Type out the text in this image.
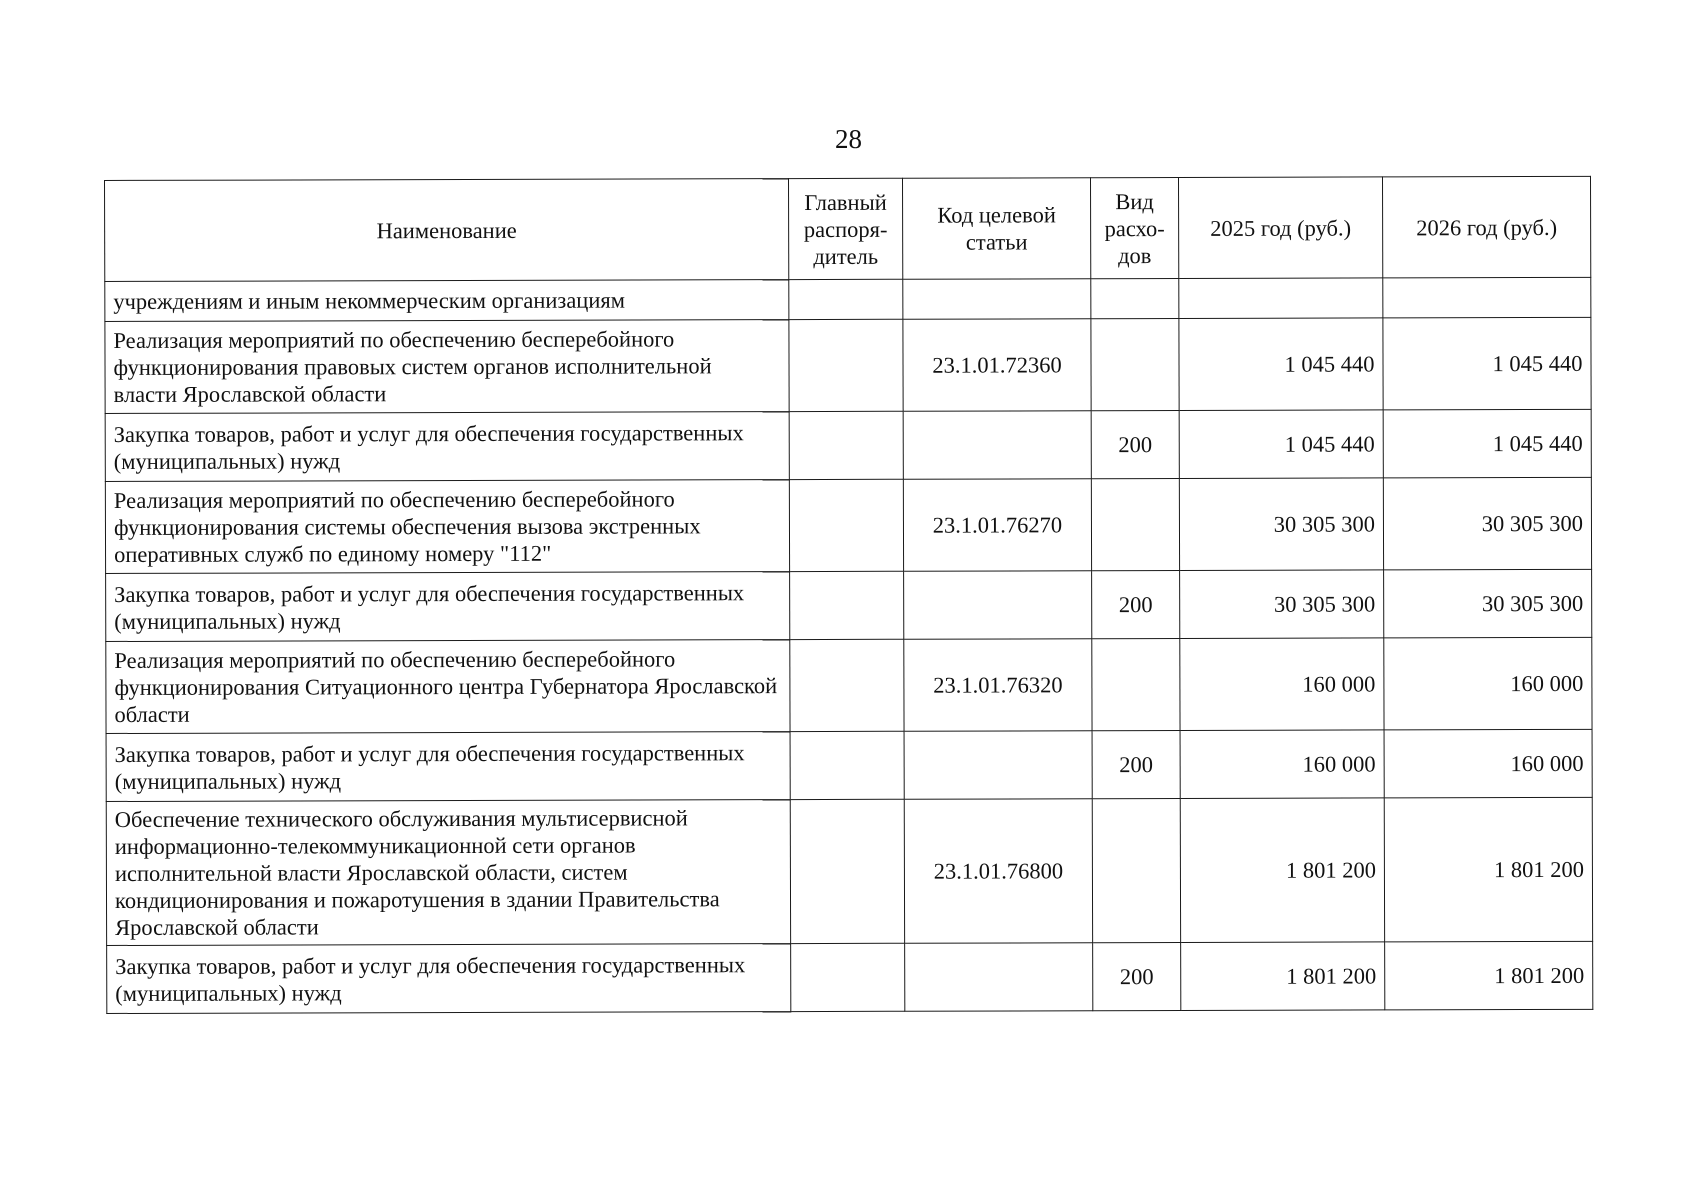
28
Наименование	Главный распоря-дитель	Код целевой статьи	Вид расхо-дов	2025 год (руб.)	2026 год (руб.)
учреждениям и иным некоммерческим организациям					
Реализация мероприятий по обеспечению бесперебойного функционирования правовых систем органов исполнительной власти Ярославской области		23.1.01.72360		1 045 440	1 045 440
Закупка товаров, работ и услуг для обеспечения государственных (муниципальных) нужд			200	1 045 440	1 045 440
Реализация мероприятий по обеспечению бесперебойного функционирования системы обеспечения вызова экстренных оперативных служб по единому номеру "112"		23.1.01.76270		30 305 300	30 305 300
Закупка товаров, работ и услуг для обеспечения государственных (муниципальных) нужд			200	30 305 300	30 305 300
Реализация мероприятий по обеспечению бесперебойного функционирования Ситуационного центра Губернатора Ярославской области		23.1.01.76320		160 000	160 000
Закупка товаров, работ и услуг для обеспечения государственных (муниципальных) нужд			200	160 000	160 000
Обеспечение технического обслуживания мультисервисной информационно-телекоммуникационной сети органов исполнительной власти Ярославской области, систем кондиционирования и пожаротушения в здании Правительства Ярославской области		23.1.01.76800		1 801 200	1 801 200
Закупка товаров, работ и услуг для обеспечения государственных (муниципальных) нужд			200	1 801 200	1 801 200
